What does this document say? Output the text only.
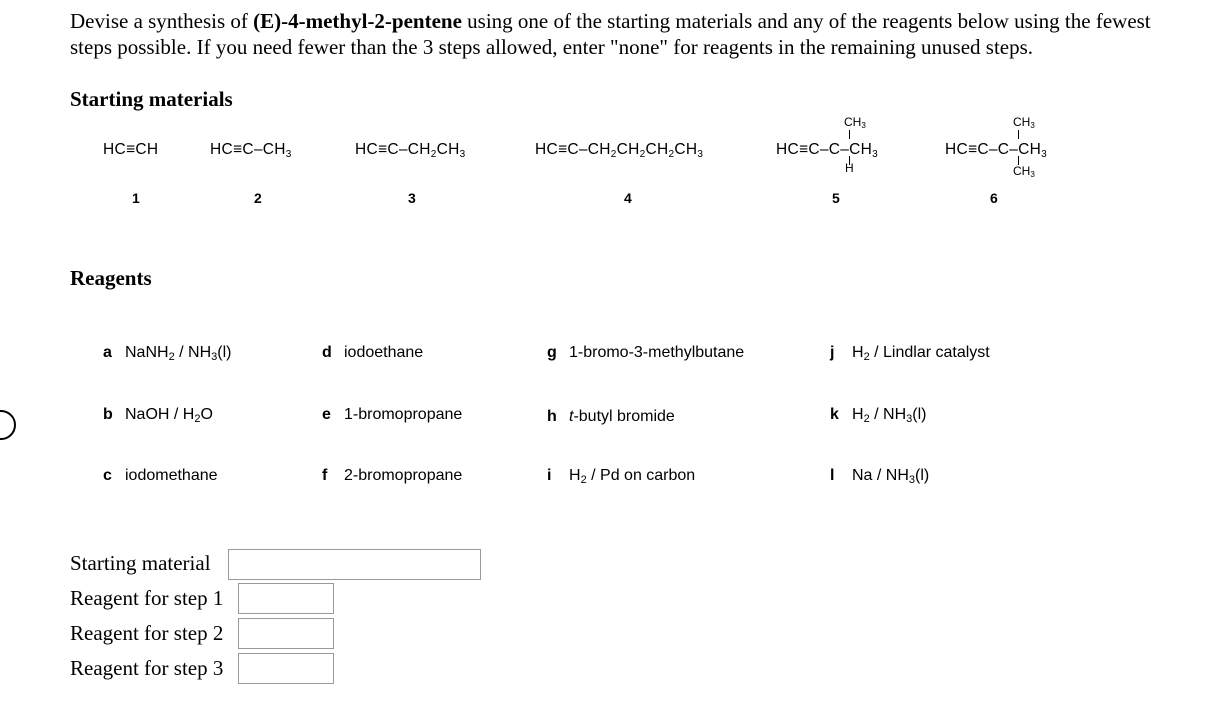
Devise a synthesis of (E)-4-methyl-2-pentene using one of the starting materials and any of the reagents below using the fewest steps possible. If you need fewer than the 3 steps allowed, enter "none" for reagents in the remaining unused steps.
Starting materials
HC≡CH
1
$HC\equiv C-CH_3$
2
$HC\equiv C-CH_2CH_3$
3
$HC\equiv C-CH_2CH_2CH_2CH_3$
4
$CH_3$
$HC\equiv C-C-CH_3$
H
5
$CH_3$
$HC\equiv C-C-CH_3$
$CH_3$
6
Reagents
a NaNH$_2$ / $NH_3(l)$
b NaOH / $H_2O$
c iodomethane
d iodoethane
e 1-bromopropane
f 2-bromopropane
g 1-bromo-3-methylbutane
h t-butyl bromide
i $H_2$ / Pd on carbon
j $H_2$ / Lindlar catalyst
k $H_2 / NH_3(l)$
l Na / $NH_3(l)$
Starting material
Reagent for step 1
Reagent for step 2
Reagent for step 3
